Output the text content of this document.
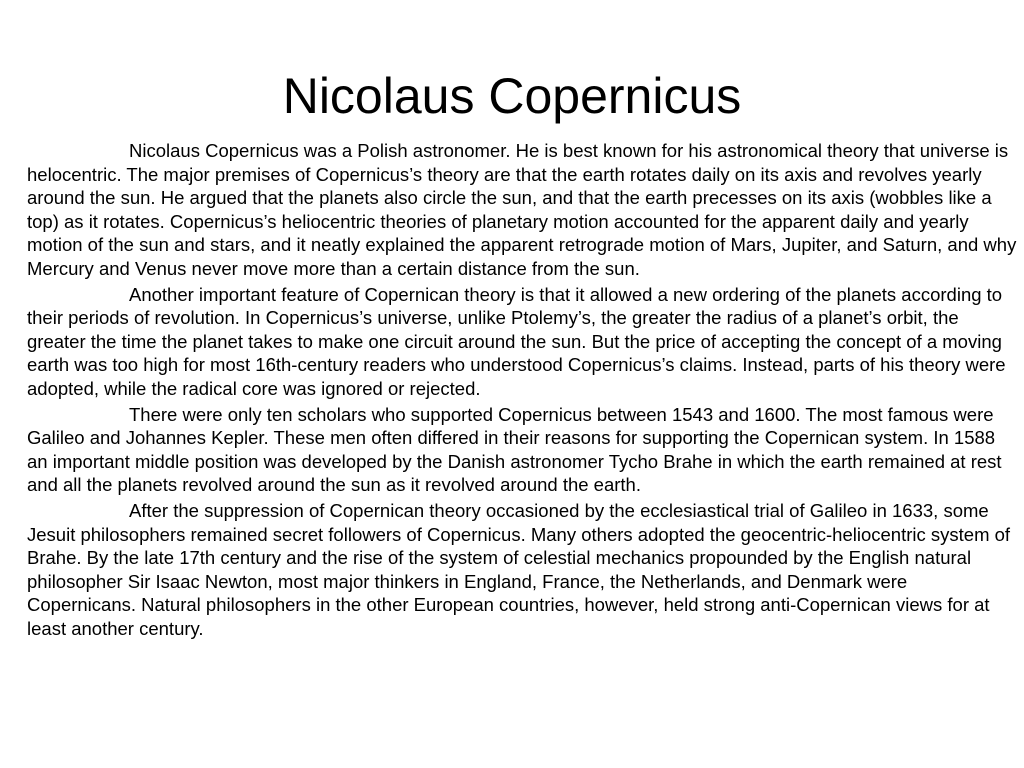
Nicolaus Copernicus

Nicolaus Copernicus was a Polish astronomer. He is best known for his astronomical theory that universe is helocentric. The major premises of Copernicus’s theory are that the earth rotates daily on its axis and revolves yearly around the sun. He argued that the planets also circle the sun, and that the earth precesses on its axis (wobbles like a top) as it rotates. Copernicus’s heliocentric theories of planetary motion accounted for the apparent daily and yearly motion of the sun and stars, and it neatly explained the apparent retrograde motion of Mars, Jupiter, and Saturn, and why Mercury and Venus never move more than a certain distance from the sun.

Another important feature of Copernican theory is that it allowed a new ordering of the planets according to their periods of revolution. In Copernicus’s universe, unlike Ptolemy’s, the greater the radius of a planet’s orbit, the greater the time the planet takes to make one circuit around the sun. But the price of accepting the concept of a moving earth was too high for most 16th-century readers who understood Copernicus’s claims. Instead, parts of his theory were adopted, while the radical core was ignored or rejected.

There were only ten scholars who supported Copernicus between 1543 and 1600. The most famous were Galileo and Johannes Kepler. These men often differed in their reasons for supporting the Copernican system. In 1588 an important middle position was developed by the Danish astronomer Tycho Brahe in which the earth remained at rest and all the planets revolved around the sun as it revolved around the earth.

After the suppression of Copernican theory occasioned by the ecclesiastical trial of Galileo in 1633, some Jesuit philosophers remained secret followers of Copernicus. Many others adopted the geocentric-heliocentric system of Brahe. By the late 17th century and the rise of the system of celestial mechanics propounded by the English natural philosopher Sir Isaac Newton, most major thinkers in England, France, the Netherlands, and Denmark were Copernicans. Natural philosophers in the other European countries, however, held strong anti-Copernican views for at least another century.
